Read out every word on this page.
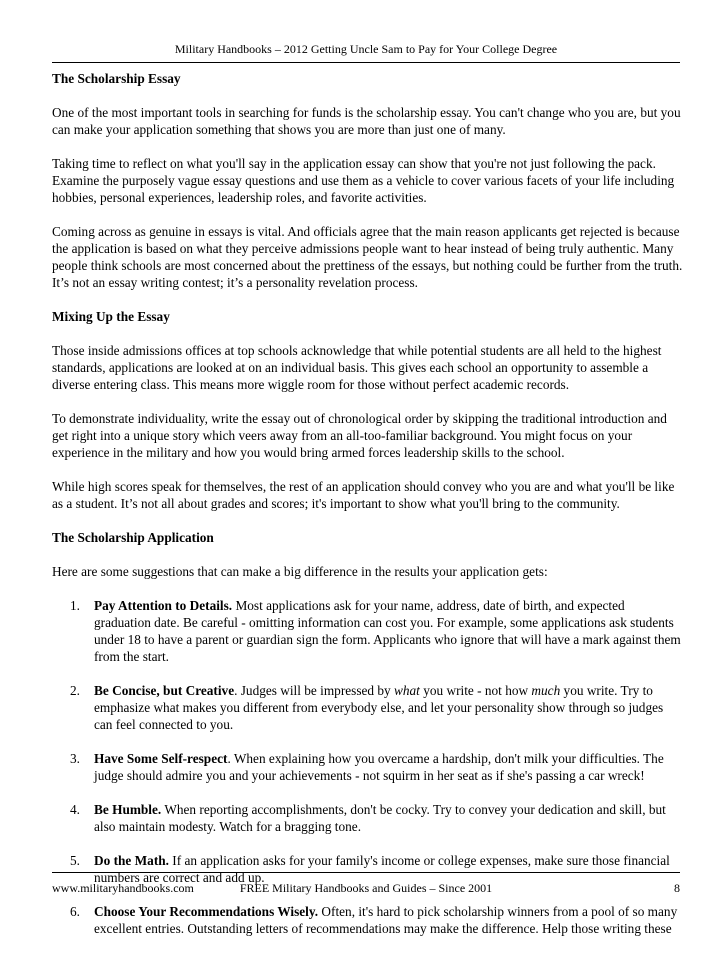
Military Handbooks – 2012 Getting Uncle Sam to Pay for Your College Degree
The Scholarship Essay

One of the most important tools in searching for funds is the scholarship essay. You can't change who you are, but you can make your application something that shows you are more than just one of many.

Taking time to reflect on what you'll say in the application essay can show that you're not just following the pack. Examine the purposely vague essay questions and use them as a vehicle to cover various facets of your life including hobbies, personal experiences, leadership roles, and favorite activities.

Coming across as genuine in essays is vital. And officials agree that the main reason applicants get rejected is because the application is based on what they perceive admissions people want to hear instead of being truly authentic. Many people think schools are most concerned about the prettiness of the essays, but nothing could be further from the truth. It’s not an essay writing contest; it’s a personality revelation process.

Mixing Up the Essay

Those inside admissions offices at top schools acknowledge that while potential students are all held to the highest standards, applications are looked at on an individual basis. This gives each school an opportunity to assemble a diverse entering class. This means more wiggle room for those without perfect academic records.

To demonstrate individuality, write the essay out of chronological order by skipping the traditional introduction and get right into a unique story which veers away from an all-too-familiar background. You might focus on your experience in the military and how you would bring armed forces leadership skills to the school.

While high scores speak for themselves, the rest of an application should convey who you are and what you'll be like as a student. It’s not all about grades and scores; it's important to show what you'll bring to the community.

The Scholarship Application

Here are some suggestions that can make a big difference in the results your application gets:

1. Pay Attention to Details. Most applications ask for your name, address, date of birth, and expected graduation date. Be careful - omitting information can cost you. For example, some applications ask students under 18 to have a parent or guardian sign the form. Applicants who ignore that will have a mark against them from the start.
2. Be Concise, but Creative. Judges will be impressed by what you write - not how much you write. Try to emphasize what makes you different from everybody else, and let your personality show through so judges can feel connected to you.
3. Have Some Self-respect. When explaining how you overcame a hardship, don't milk your difficulties. The judge should admire you and your achievements - not squirm in her seat as if she's passing a car wreck!
4. Be Humble. When reporting accomplishments, don't be cocky. Try to convey your dedication and skill, but also maintain modesty. Watch for a bragging tone.
5. Do the Math. If an application asks for your family's income or college expenses, make sure those financial numbers are correct and add up.
6. Choose Your Recommendations Wisely. Often, it's hard to pick scholarship winners from a pool of so many excellent entries. Outstanding letters of recommendations may make the difference. Help those writing these
www.militaryhandbooks.com	FREE Military Handbooks and Guides – Since 2001	8
